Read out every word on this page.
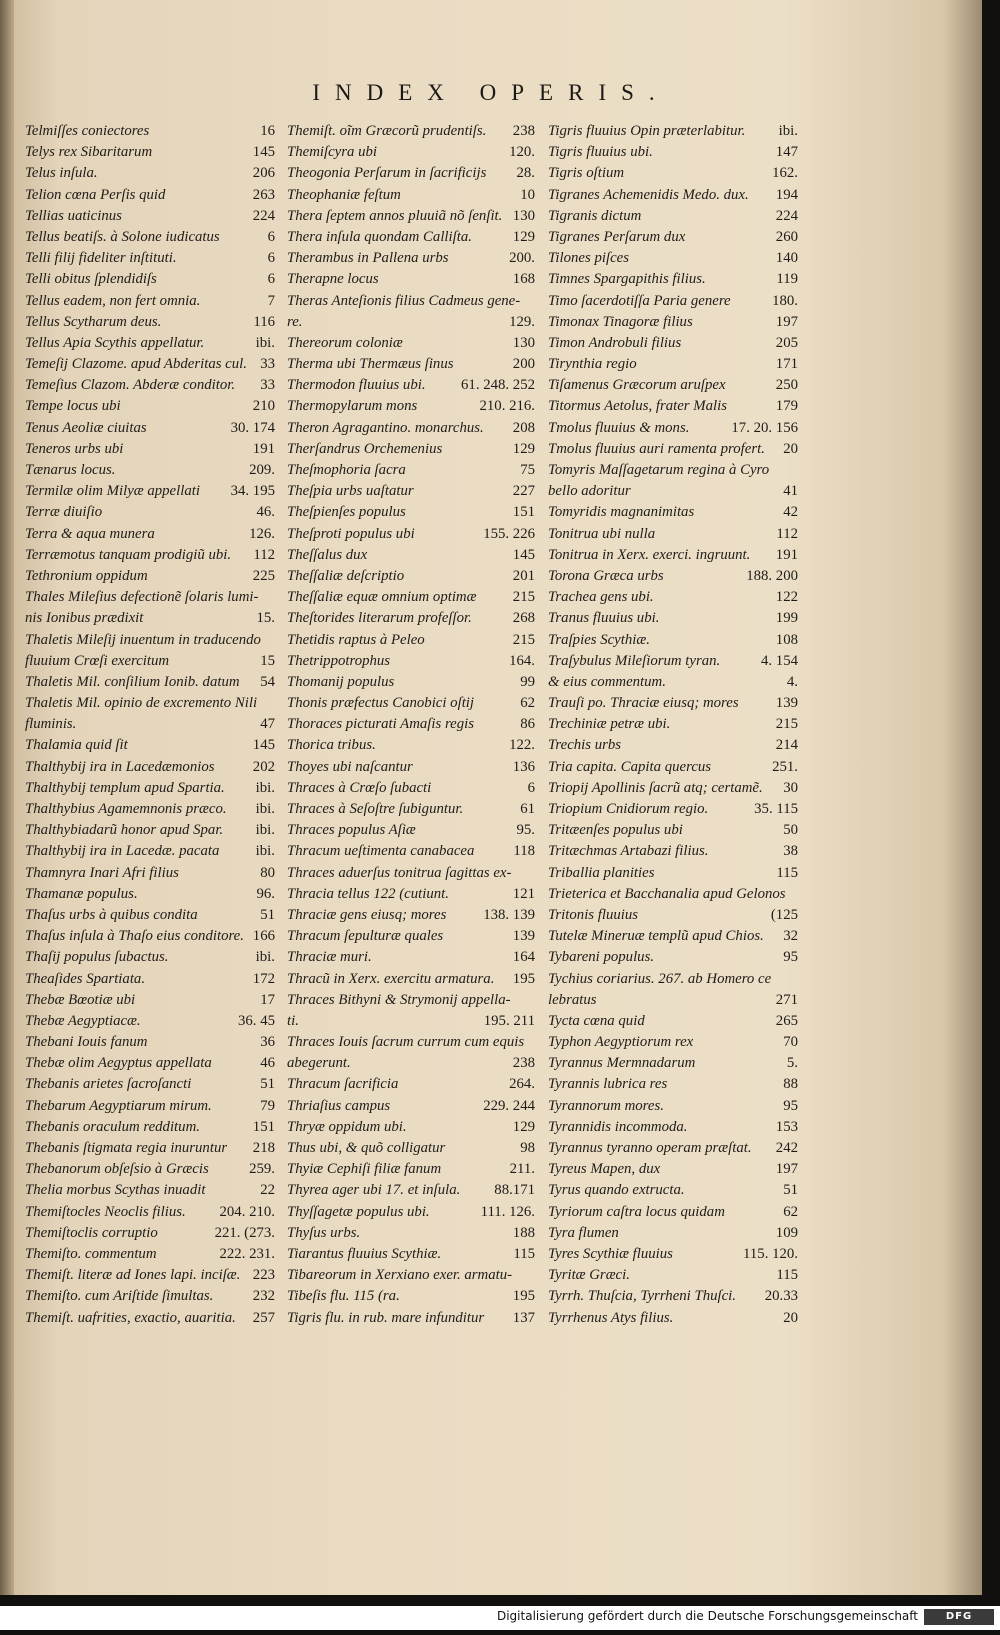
INDEX OPERIS.
Telmiſſes coniectores	16
Telys rex Sibaritarum	145
Telus inſula.	206
Telion cœna Perſis quid	263
Tellias uaticinus	224
Tellus beatiſs. à Solone iudicatus	6
Telli filij fideliter inſtituti.	6
Telli obitus ſplendidiſs	6
Tellus eadem, non fert omnia.	7
Tellus Scytharum deus.	116
Tellus Apia Scythis appellatur.	ibi.
Temeſij Clazome. apud Abderitas cul. 33
Temeſius Clazom. Abderæ conditor. 33
Tempe locus ubi	210
Tenus Aeoliæ ciuitas	30. 174
Teneros urbs ubi	191
Tænarus locus.	209.
Termilæ olim Milyæ appellati 34. 195
Terræ diuiſio	46.
Terra & aqua munera	126.
Terræmotus tanquam prodigiũ ubi. 112
Tethronium oppidum	225
Thales Mileſius defectionẽ ſolaris lumi-
nis Ionibus prædixit	15.
Thaletis Mileſij inuentum in traducendo
fluuium Crœſi exercitum	15
Thaletis Mil. conſilium Ionib. datum 54
Thaletis Mil. opinio de excremento Nili
fluminis.	47
Thalamia quid ſit	145
Thalthybij ira in Lacedæmonios	202
Thalthybij templum apud Spartia. ibi.
Thalthybius Agamemnonis præco. ibi.
Thalthybiadarũ honor apud Spar. ibi.
Thalthybij ira in Lacedæ. pacata ibi.
Thamnyra Inari Afri filius	80
Thamanæ populus.	96.
Thaſus urbs à quibus condita	51
Thaſus inſula à Thaſo eius conditore. 166
Thaſij populus ſubactus.	ibi.
Theaſides Spartiata.	172
Thebæ Bœotiæ ubi	17
Thebæ Aegyptiacæ.	36. 45
Thebani Iouis fanum	36
Thebæ olim Aegyptus appellata	46
Thebanis arietes ſacroſancti	51
Thebarum Aegyptiarum mirum.	79
Thebanis oraculum redditum.	151
Thebanis ſtigmata regia inuruntur 218
Thebanorum obſeſsio à Græcis	259.
Thelia morbus Scythas inuadit	22
Themiſtocles Neoclis filius. 204. 210.
Themiſtoclis corruptio	221. (273.
Themiſto. commentum	222. 231.
Themiſt. literæ ad Iones lapi. inciſæ. 223
Themiſto. cum Ariſtide ſimultas.	232
Themiſt. uafrities, exactio, auaritia. 257
Themiſt. oĩm Græcorũ prudentiſs. 238
Themiſcyra ubi	120.
Theogonia Perſarum in ſacrificijs 28.
Theophaniæ feſtum	10
Thera ſeptem annos pluuiã nõ ſenſit. 130
Thera inſula quondam Calliſta.	129
Therambus in Pallena urbs	200.
Therapne locus	168
Theras Anteſionis filius Cadmeus gene-
re.	129.
Thereorum coloniæ	130
Therma ubi Thermæus ſinus	200
Thermodon fluuius ubi. 61. 248. 252
Thermopylarum mons	210. 216.
Theron Agragantino. monarchus. 208
Therſandrus Orchemenius	129
Theſmophoria ſacra	75
Theſpia urbs uaſtatur	227
Theſpienſes populus	151
Theſproti populus ubi	155. 226
Theſſalus dux	145
Theſſaliæ deſcriptio	201
Theſſaliæ equæ omnium optimæ 215
Theſtorides literarum profeſſor.	268
Thetidis raptus à Peleo	215
Thetrippotrophus	164.
Thomanij populus	99
Thonis præfectus Canobici oſtij	62
Thoraces picturati Amaſis regis	86
Thorica tribus.	122.
Thoyes ubi naſcantur	136
Thraces à Crœſo ſubacti	6
Thraces à Seſoſtre ſubiguntur.	61
Thraces populus Aſiæ	95.
Thracum ueſtimenta canabacea	118
Thraces aduerſus tonitrua ſagittas ex-
Thracia tellus 122 (cutiunt.	121
Thraciæ gens eiusq; mores 138. 139
Thracum ſepulturæ quales	139
Thraciæ muri.	164
Thracũ in Xerx. exercitu armatura. 195
Thraces Bithyni & Strymonij appella-
ti.	195. 211
Thraces Iouis ſacrum currum cum equis
abegerunt.	238
Thracum ſacrificia	264.
Thriaſius campus	229. 244
Thryæ oppidum ubi.	129
Thus ubi, & quõ colligatur	98
Thyiæ Cephiſi filiæ fanum	211.
Thyrea ager ubi 17. et inſula. 88.171
Thyſſagetæ populus ubi.	111. 126.
Thyſus urbs.	188
Tiarantus fluuius Scythiæ.	115
Tibareorum in Xerxiano exer. armatu-
Tibeſis flu. 115 (ra.	195
Tigris flu. in rub. mare infunditur 137
Tigris fluuius Opin præterlabitur. ibi.
Tigris fluuius ubi.	147
Tigris oſtium	162.
Tigranes Achemenidis Medo. dux. 194
Tigranis dictum	224
Tigranes Perſarum dux	260
Tilones piſces	140
Timnes Spargapithis filius.	119
Timo ſacerdotiſſa Paria genere	180.
Timonax Tinagoræ filius	197
Timon Androbuli filius	205
Tirynthia regio	171
Tiſamenus Græcorum aruſpex	250
Titormus Aetolus, frater Malis	179
Tmolus fluuius & mons.	17. 20. 156
Tmolus fluuius auri ramenta profert. 20
Tomyris Maſſagetarum regina à Cyro
bello adoritur	41
Tomyridis magnanimitas	42
Tonitrua ubi nulla	112
Tonitrua in Xerx. exerci. ingruunt. 191
Torona Græca urbs	188. 200
Trachea gens ubi.	122
Tranus fluuius ubi.	199
Traſpies Scythiæ.	108
Traſybulus Mileſiorum tyran.	4. 154
& eius commentum.	4.
Trauſi po. Thraciæ eiusq; mores	139
Trechiniæ petræ ubi.	215
Trechis urbs	214
Tria capita. Capita quercus	251.
Triopij Apollinis ſacrũ atq; certamẽ. 30
Triopium Cnidiorum regio.	35. 115
Tritæenſes populus ubi	50
Tritæchmas Artabazi filius.	38
Triballia planities	115
Trieterica et Bacchanalia apud Gelonos
Tritonis fluuius	(125
Tutelæ Mineruæ templũ apud Chios. 32
Tybareni populus.	95
Tychius coriarius. 267. ab Homero ce
lebratus	271
Tycta cœna quid	265
Typhon Aegyptiorum rex	70
Tyrannus Mermnadarum	5.
Tyrannis lubrica res	88
Tyrannorum mores.	95
Tyrannidis incommoda.	153
Tyrannus tyranno operam præſtat. 242
Tyreus Mapen, dux	197
Tyrus quando extructa.	51
Tyriorum caſtra locus quidam	62
Tyra flumen	109
Tyres Scythiæ fluuius	115. 120.
Tyritæ Græci.	115
Tyrrh. Thuſcia, Tyrrheni Thuſci. 20.33
Tyrrhenus Atys filius.	20
Digitalisierung gefördert durch die Deutsche Forschungsgemeinschaft	DFG
